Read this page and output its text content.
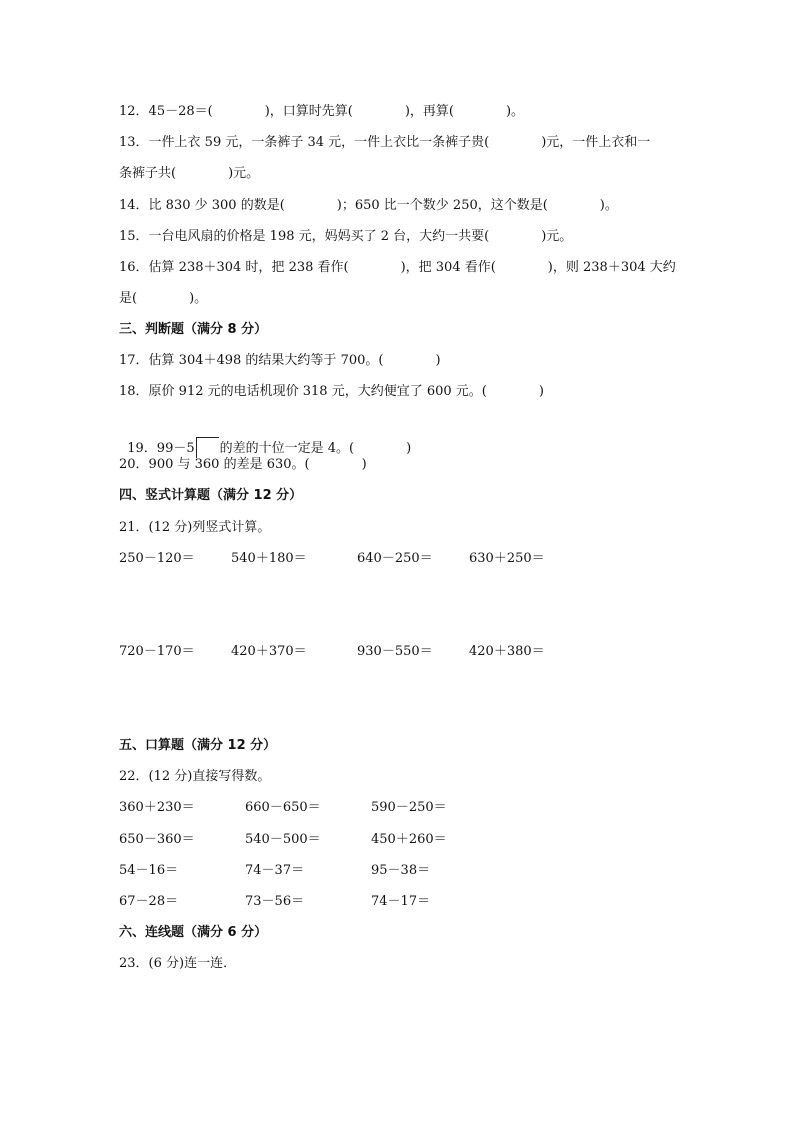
12．45－28＝(　　　　)，口算时先算(　　　　)，再算(　　　　)。
13．一件上衣 59 元，一条裤子 34 元，一件上衣比一条裤子贵(　　　　)元，一件上衣和一
条裤子共(　　　　)元。
14．比 830 少 300 的数是(　　　　)；650 比一个数少 250，这个数是(　　　　)。
15．一台电风扇的价格是 198 元，妈妈买了 2 台，大约一共要(　　　　)元。
16．估算 238＋304 时，把 238 看作(　　　　)，把 304 看作(　　　　)，则 238＋304 大约
是(　　　　)。
三、判断题（满分 8 分）
17．估算 304＋498 的结果大约等于 700。(　　　　)
18．原价 912 元的电话机现价 318 元，大约便宜了 600 元。(　　　　)

19．99－5 的差的十位一定是 4。(　　　　)

20．900 与 360 的差是 630。(　　　　)
四、竖式计算题（满分 12 分）
21．(12 分)列竖式计算。
250－120＝	540＋180＝	640－250＝	630＋250＝
720－170＝	420＋370＝	930－550＝	420＋380＝
五、口算题（满分 12 分）
22．(12 分)直接写得数。
360＋230＝	660－650＝	590－250＝
650－360＝	540－500＝	450＋260＝
54－16＝	74－37＝	95－38＝
67－28＝	73－56＝	74－17＝
六、连线题（满分 6 分）
23．(6 分)连一连．
